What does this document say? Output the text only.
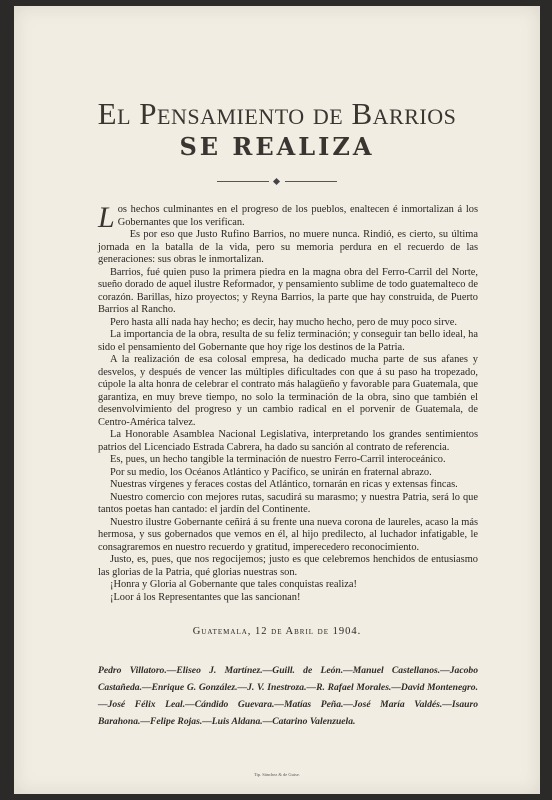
El Pensamiento de Barrios
SE REALIZA

Los hechos culminantes en el progreso de los pueblos, enaltecen é inmortalizan á los Gobernantes que los verifican.

Es por eso que Justo Rufino Barrios, no muere nunca. Rindió, es cierto, su última jornada en la batalla de la vida, pero su memoria perdura en el recuerdo de las generaciones: sus obras le inmortalizan.

Barrios, fué quien puso la primera piedra en la magna obra del Ferro-Carril del Norte, sueño dorado de aquel ilustre Reformador, y pensamiento sublime de todo guatemalteco de corazón. Barillas, hizo proyectos; y Reyna Barrios, la parte que hay construida, de Puerto Barrios al Rancho.

Pero hasta allí nada hay hecho; es decir, hay mucho hecho, pero de muy poco sirve.

La importancia de la obra, resulta de su feliz terminación; y conseguir tan bello ideal, ha sido el pensamiento del Gobernante que hoy rige los destinos de la Patria.

A la realización de esa colosal empresa, ha dedicado mucha parte de sus afanes y desvelos, y después de vencer las múltiples dificultades con que á su paso ha tropezado, cúpole la alta honra de celebrar el contrato más halagüeño y favorable para Guatemala, que garantiza, en muy breve tiempo, no solo la terminación de la obra, sino que también el desenvolvimiento del progreso y un cambio radical en el porvenir de Guatemala, de Centro-América talvez.

La Honorable Asamblea Nacional Legislativa, interpretando los grandes sentimientos patrios del Licenciado Estrada Cabrera, ha dado su sanción al contrato de referencia.

Es, pues, un hecho tangible la terminación de nuestro Ferro-Carril interoceánico.

Por su medio, los Océanos Atlántico y Pacífico, se unirán en fraternal abrazo.

Nuestras vírgenes y feraces costas del Atlántico, tornarán en ricas y extensas fincas.

Nuestro comercio con mejores rutas, sacudirá su marasmo; y nuestra Patria, será lo que tantos poetas han cantado: el jardín del Continente.

Nuestro ilustre Gobernante ceñirá á su frente una nueva corona de laureles, acaso la más hermosa, y sus gobernados que vemos en él, al hijo predilecto, al luchador infatigable, le consagraremos en nuestro recuerdo y gratitud, imperecedero reconocimiento.

Justo, es, pues, que nos regocijemos; justo es que celebremos henchidos de entusiasmo las glorias de la Patria, qué glorias nuestras son.

¡Honra y Gloria al Gobernante que tales conquistas realiza!

¡Loor á los Representantes que las sancionan!

Guatemala, 12 de Abril de 1904.
Pedro Villatoro.—Eliseo J. Martínez.—Guill. de León.—Manuel Castellanos.—Jacobo Castañeda.—Enrique G. González.—J. V. Inestroza.—R. Rafael Morales.—David Montenegro.—José Félix Leal.—Cándido Guevara.—Matías Peña.—José María Valdés.—Isauro Barahona.—Felipe Rojas.—Luis Aldana.—Catarino Valenzuela.
Tip. Sánchez & de Guise.
